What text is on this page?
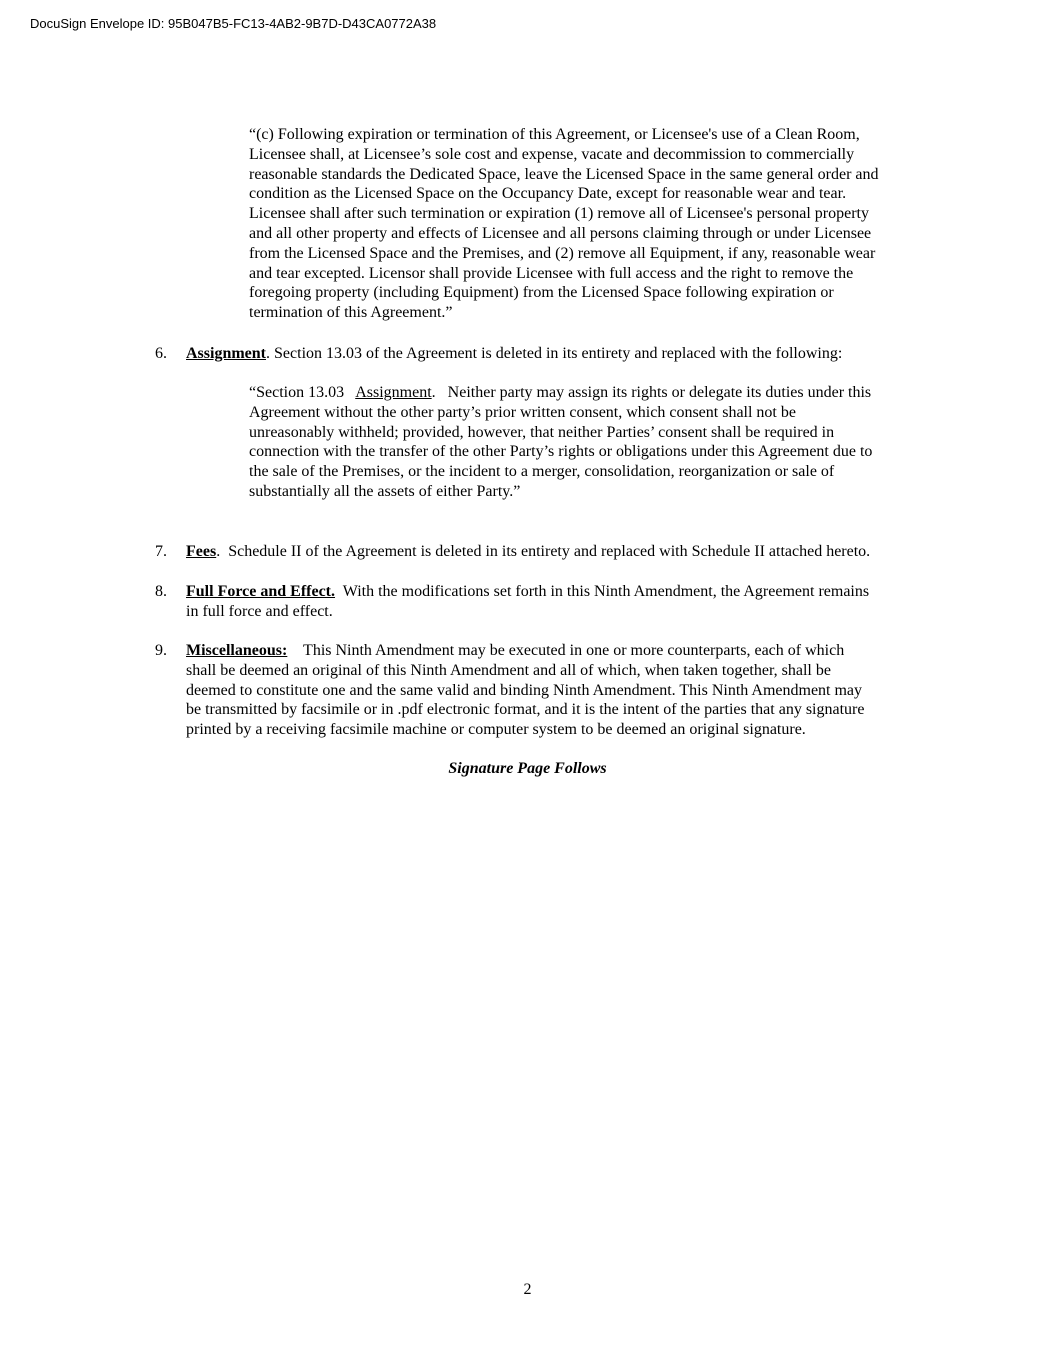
DocuSign Envelope ID: 95B047B5-FC13-4AB2-9B7D-D43CA0772A38
“(c) Following expiration or termination of this Agreement, or Licensee's use of a Clean Room,
Licensee shall, at Licensee’s sole cost and expense, vacate and decommission to commercially
reasonable standards the Dedicated Space, leave the Licensed Space in the same general order and
condition as the Licensed Space on the Occupancy Date, except for reasonable wear and tear.
Licensee shall after such termination or expiration (1) remove all of Licensee's personal property
and all other property and effects of Licensee and all persons claiming through or under Licensee
from the Licensed Space and the Premises, and (2) remove all Equipment, if any, reasonable wear
and tear excepted. Licensor shall provide Licensee with full access and the right to remove the
foregoing property (including Equipment) from the Licensed Space following expiration or
termination of this Agreement.”
6. Assignment. Section 13.03 of the Agreement is deleted in its entirety and replaced with the following:
“Section 13.03   Assignment.   Neither party may assign its rights or delegate its duties under this
Agreement without the other party’s prior written consent, which consent shall not be
unreasonably withheld; provided, however, that neither Parties’ consent shall be required in
connection with the transfer of the other Party’s rights or obligations under this Agreement due to
the sale of the Premises, or the incident to a merger, consolidation, reorganization or sale of
substantially all the assets of either Party.”
7. Fees.  Schedule II of the Agreement is deleted in its entirety and replaced with Schedule II attached hereto.
8. Full Force and Effect.  With the modifications set forth in this Ninth Amendment, the Agreement remains
in full force and effect.
9. Miscellaneous:    This Ninth Amendment may be executed in one or more counterparts, each of which
shall be deemed an original of this Ninth Amendment and all of which, when taken together, shall be
deemed to constitute one and the same valid and binding Ninth Amendment. This Ninth Amendment may
be transmitted by facsimile or in .pdf electronic format, and it is the intent of the parties that any signature
printed by a receiving facsimile machine or computer system to be deemed an original signature.
Signature Page Follows
2
